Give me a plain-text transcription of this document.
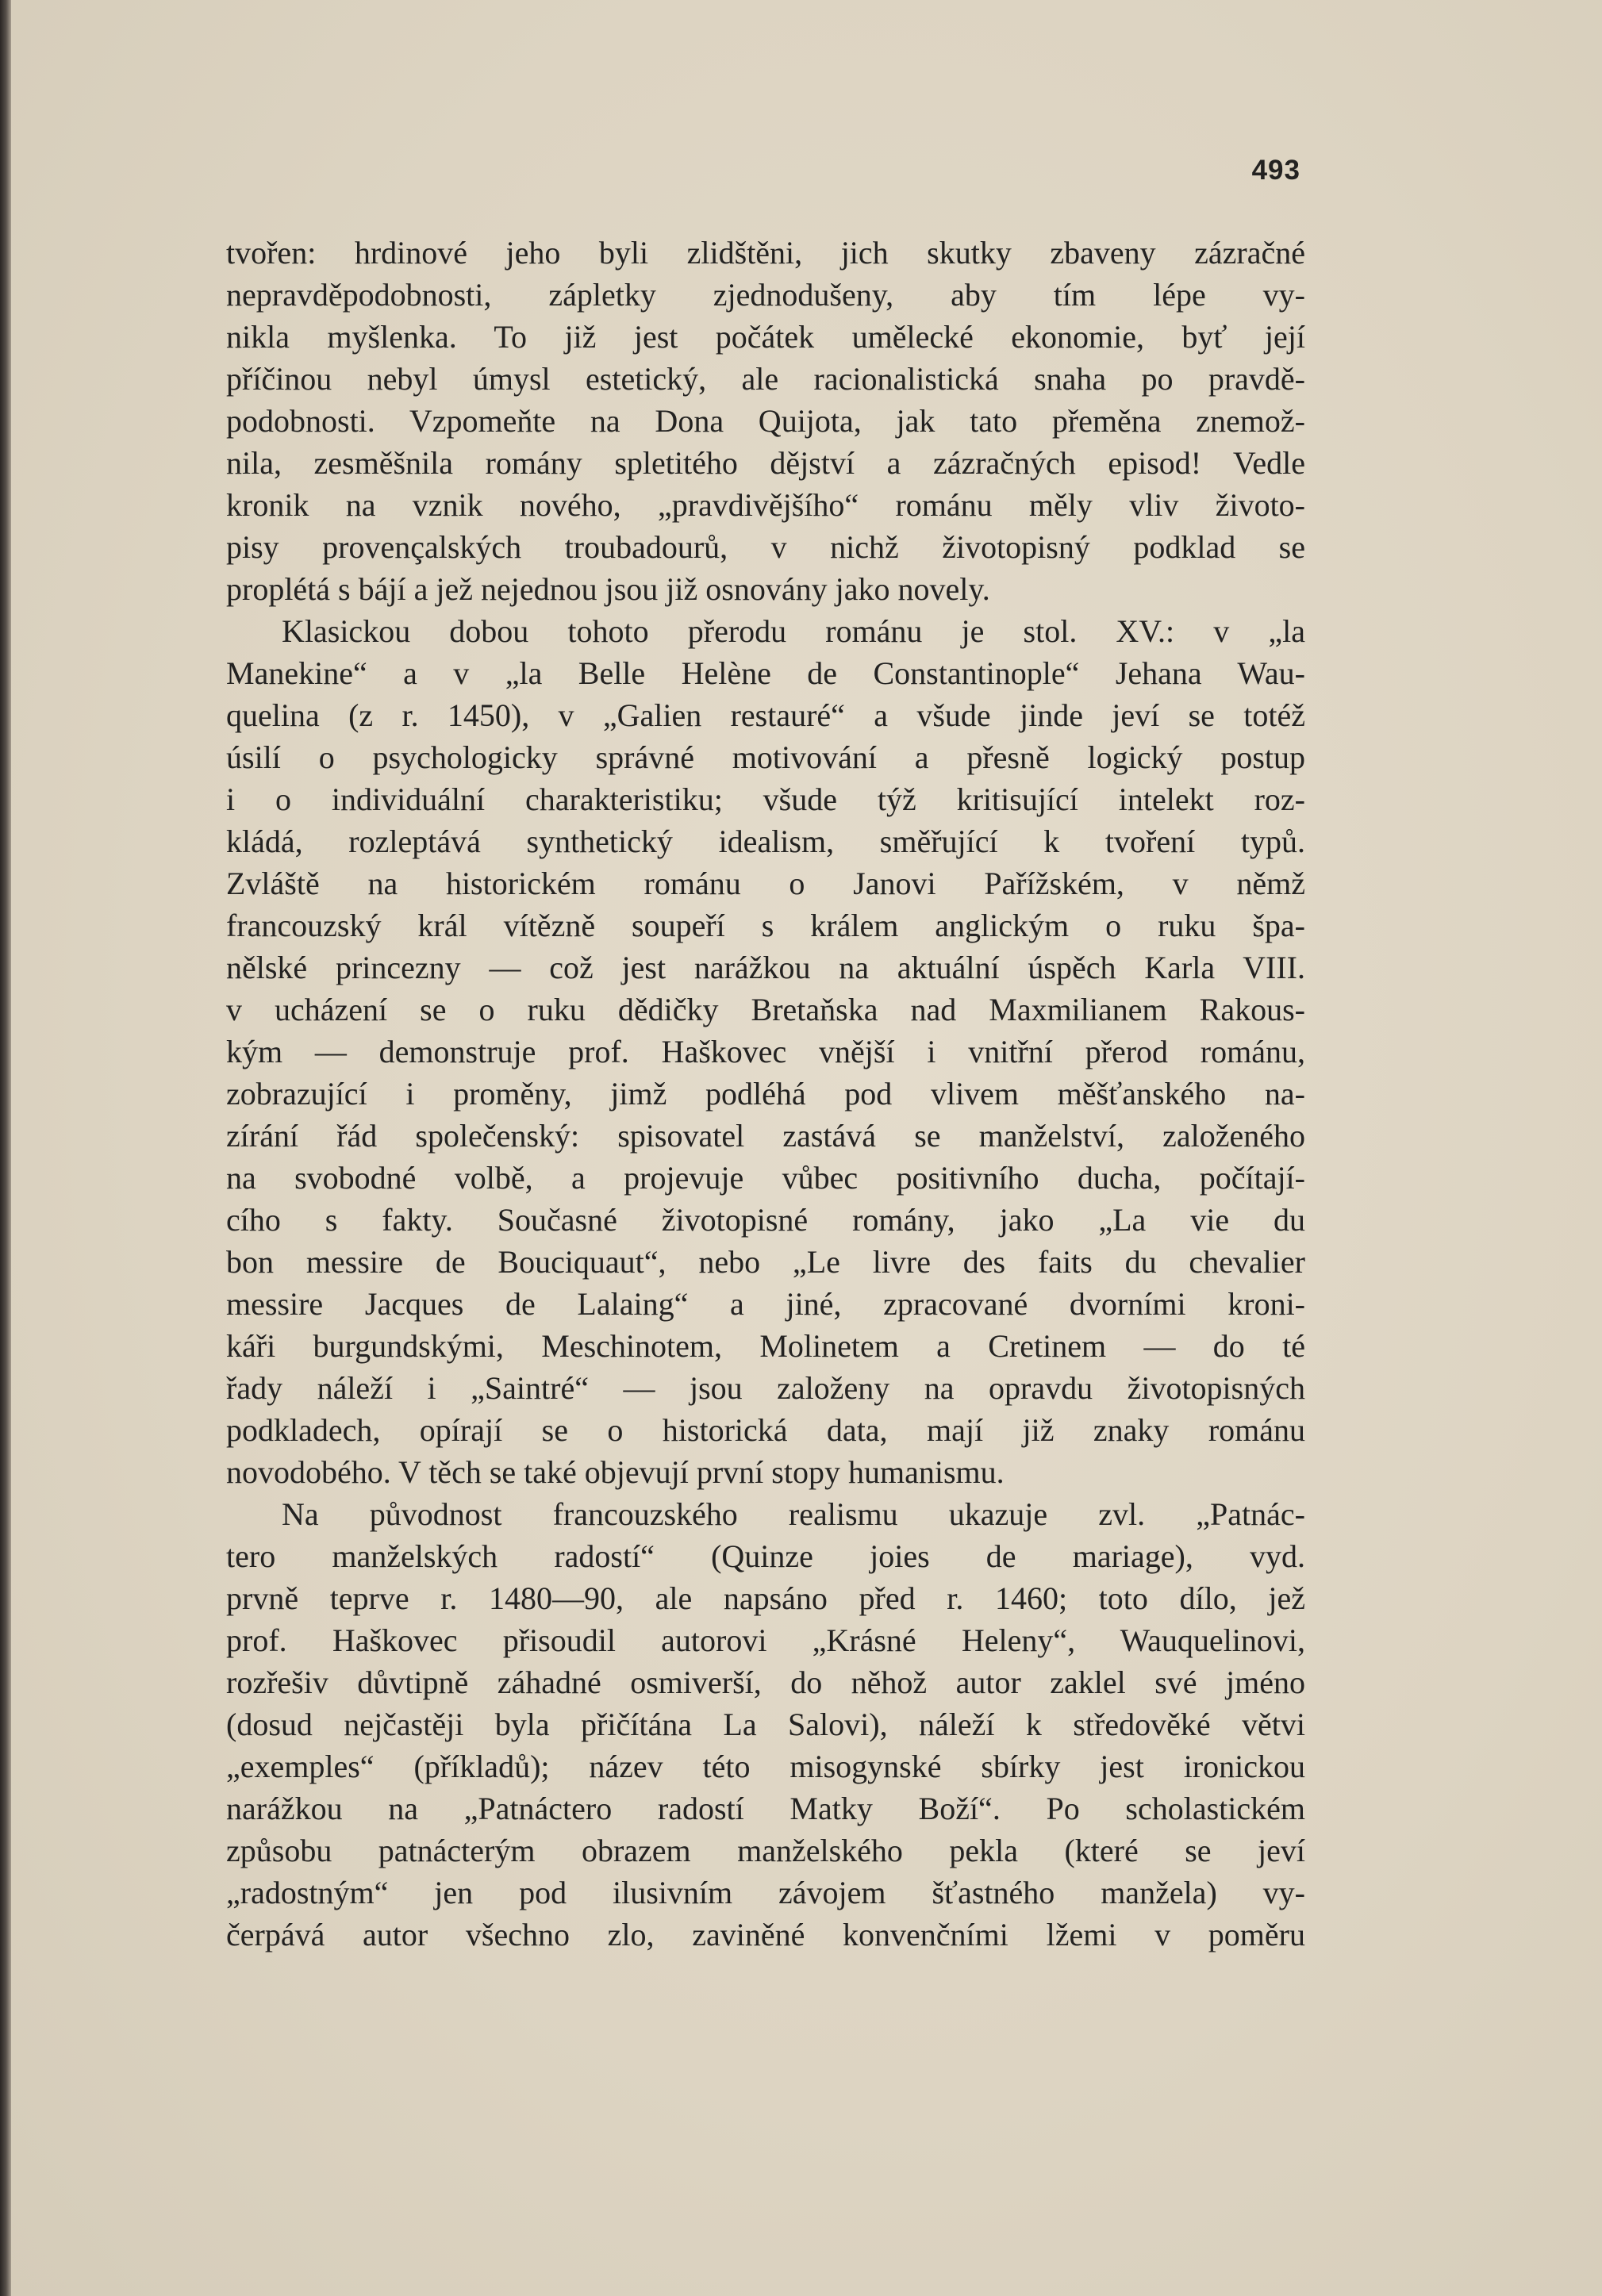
493
tvořen: hrdinové jeho byli zlidštěni, jich skutky zbaveny zázračné
nepravděpodobnosti, zápletky zjednodušeny, aby tím lépe vy-
nikla myšlenka. To již jest počátek umělecké ekonomie, byť její
příčinou nebyl úmysl estetický, ale racionalistická snaha po pravdě-
podobnosti. Vzpomeňte na Dona Quijota, jak tato přeměna znemož-
nila, zesměšnila romány spletitého dějství a zázračných episod! Vedle
kronik na vznik nového, „pravdivějšího“ románu měly vliv životo-
pisy provençalských troubadourů, v nichž životopisný podklad se
proplétá s bájí a jež nejednou jsou již osnovány jako novely.
Klasickou dobou tohoto přerodu románu je stol. XV.: v „la
Manekine“ a v „la Belle Helène de Constantinople“ Jehana Wau-
quelina (z r. 1450), v „Galien restauré“ a všude jinde jeví se totéž
úsilí o psychologicky správné motivování a přesně logický postup
i o individuální charakteristiku; všude týž kritisující intelekt roz-
kládá, rozleptává synthetický idealism, směřující k tvoření typů.
Zvláště na historickém románu o Janovi Pařížském, v němž
francouzský král vítězně soupeří s králem anglickým o ruku špa-
nělské princezny — což jest narážkou na aktuální úspěch Karla VIII.
v ucházení se o ruku dědičky Bretaňska nad Maxmilianem Rakous-
kým — demonstruje prof. Haškovec vnější i vnitřní přerod románu,
zobrazující i proměny, jimž podléhá pod vlivem měšťanského na-
zírání řád společenský: spisovatel zastává se manželství, založeného
na svobodné volbě, a projevuje vůbec positivního ducha, počítají-
cího s fakty. Současné životopisné romány, jako „La vie du
bon messire de Bouciquaut“, nebo „Le livre des faits du chevalier
messire Jacques de Lalaing“ a jiné, zpracované dvorními kroni-
káři burgundskými, Meschinotem, Molinetem a Cretinem — do té
řady náleží i „Saintré“ — jsou založeny na opravdu životopisných
podkladech, opírají se o historická data, mají již znaky románu
novodobého. V těch se také objevují první stopy humanismu.
Na původnost francouzského realismu ukazuje zvl. „Patnác-
tero manželských radostí“ (Quinze joies de mariage), vyd.
prvně teprve r. 1480—90, ale napsáno před r. 1460; toto dílo, jež
prof. Haškovec přisoudil autorovi „Krásné Heleny“, Wauquelinovi,
rozřešiv důvtipně záhadné osmiverší, do něhož autor zaklel své jméno
(dosud nejčastěji byla přičítána La Salovi), náleží k středověké větvi
„exemples“ (příkladů); název této misogynské sbírky jest ironickou
narážkou na „Patnáctero radostí Matky Boží“. Po scholastickém
způsobu patnácterým obrazem manželského pekla (které se jeví
„radostným“ jen pod ilusivním závojem šťastného manžela) vy-
čerpává autor všechno zlo, zaviněné konvenčními lžemi v poměru
